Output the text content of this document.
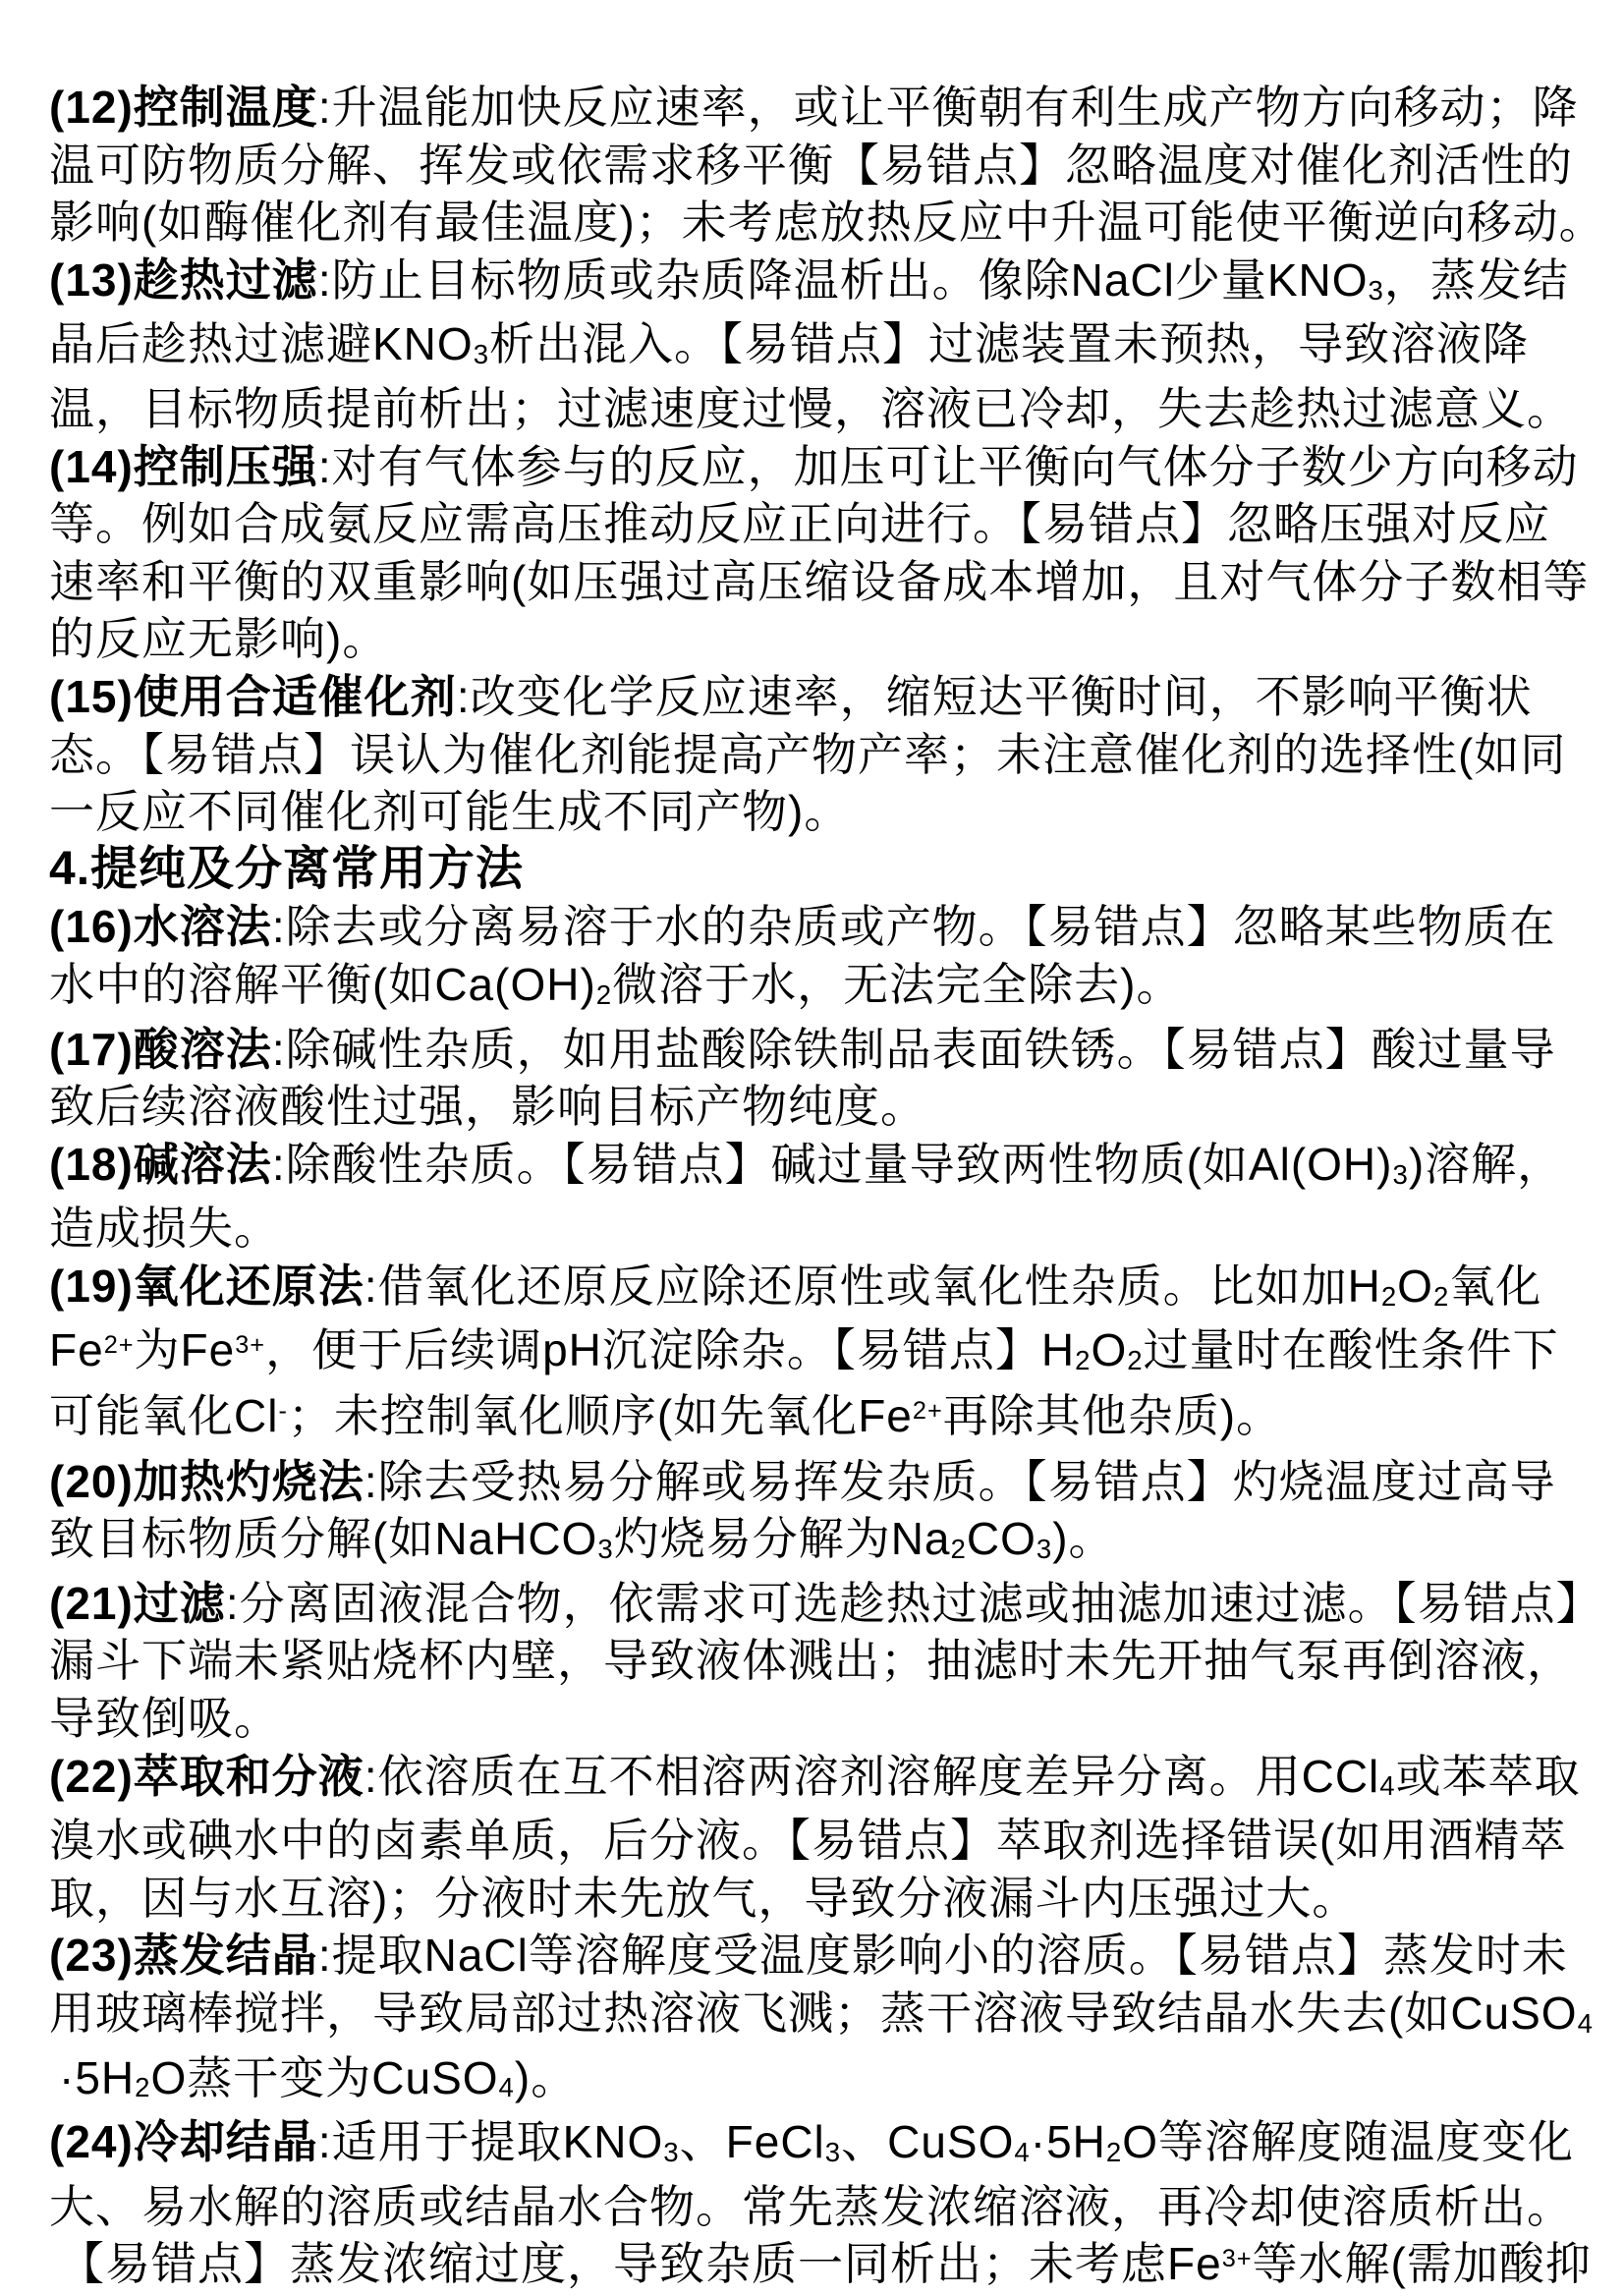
(12)控制温度:升温能加快反应速率，或让平衡朝有利生成产物方向移动；降
温可防物质分解、挥发或依需求移平衡【易错点】忽略温度对催化剂活性的
影响(如酶催化剂有最佳温度)；未考虑放热反应中升温可能使平衡逆向移动。
(13)趁热过滤:防止目标物质或杂质降温析出。像除NaCl少量KNO3，蒸发结
晶后趁热过滤避KNO3析出混入。【易错点】过滤装置未预热，导致溶液降
温，目标物质提前析出；过滤速度过慢，溶液已冷却，失去趁热过滤意义。
(14)控制压强:对有气体参与的反应，加压可让平衡向气体分子数少方向移动
等。例如合成氨反应需高压推动反应正向进行。【易错点】忽略压强对反应
速率和平衡的双重影响(如压强过高压缩设备成本增加，且对气体分子数相等
的反应无影响)。
(15)使用合适催化剂:改变化学反应速率，缩短达平衡时间，不影响平衡状
态。【易错点】误认为催化剂能提高产物产率；未注意催化剂的选择性(如同
一反应不同催化剂可能生成不同产物)。
4.提纯及分离常用方法
(16)水溶法:除去或分离易溶于水的杂质或产物。【易错点】忽略某些物质在
水中的溶解平衡(如Ca(OH)2微溶于水，无法完全除去)。
(17)酸溶法:除碱性杂质，如用盐酸除铁制品表面铁锈。【易错点】酸过量导
致后续溶液酸性过强，影响目标产物纯度。
(18)碱溶法:除酸性杂质。【易错点】碱过量导致两性物质(如Al(OH)3)溶解，
造成损失。
(19)氧化还原法:借氧化还原反应除还原性或氧化性杂质。比如加H2O2氧化
$Fe^{2+}$为$Fe^{3+}$，便于后续调pH沉淀除杂。【易错点】H2O2过量时在酸性条件下
可能氧化Cl-；未控制氧化顺序(如先氧化$Fe^{2+}$再除其他杂质)。
(20)加热灼烧法:除去受热易分解或易挥发杂质。【易错点】灼烧温度过高导
致目标物质分解(如NaHCO3灼烧易分解为Na2CO3)。
(21)过滤:分离固液混合物，依需求可选趁热过滤或抽滤加速过滤。【易错点】
漏斗下端未紧贴烧杯内壁，导致液体溅出；抽滤时未先开抽气泵再倒溶液，
导致倒吸。
(22)萃取和分液:依溶质在互不相溶两溶剂溶解度差异分离。用CCl4或苯萃取
溴水或碘水中的卤素单质，后分液。【易错点】萃取剂选择错误(如用酒精萃
取，因与水互溶)；分液时未先放气，导致分液漏斗内压强过大。
(23)蒸发结晶:提取NaCl等溶解度受温度影响小的溶质。【易错点】蒸发时未
用玻璃棒搅拌，导致局部过热溶液飞溅；蒸干溶液导致结晶水失去(如CuSO4
·5H2O蒸干变为CuSO4)。
(24)冷却结晶:适用于提取KNO3、FeCl3、CuSO4·5H2O等溶解度随温度变化
大、易水解的溶质或结晶水合物。常先蒸发浓缩溶液，再冷却使溶质析出。
【易错点】蒸发浓缩过度，导致杂质一同析出；未考虑$Fe^{3+}$等水解(需加酸抑
